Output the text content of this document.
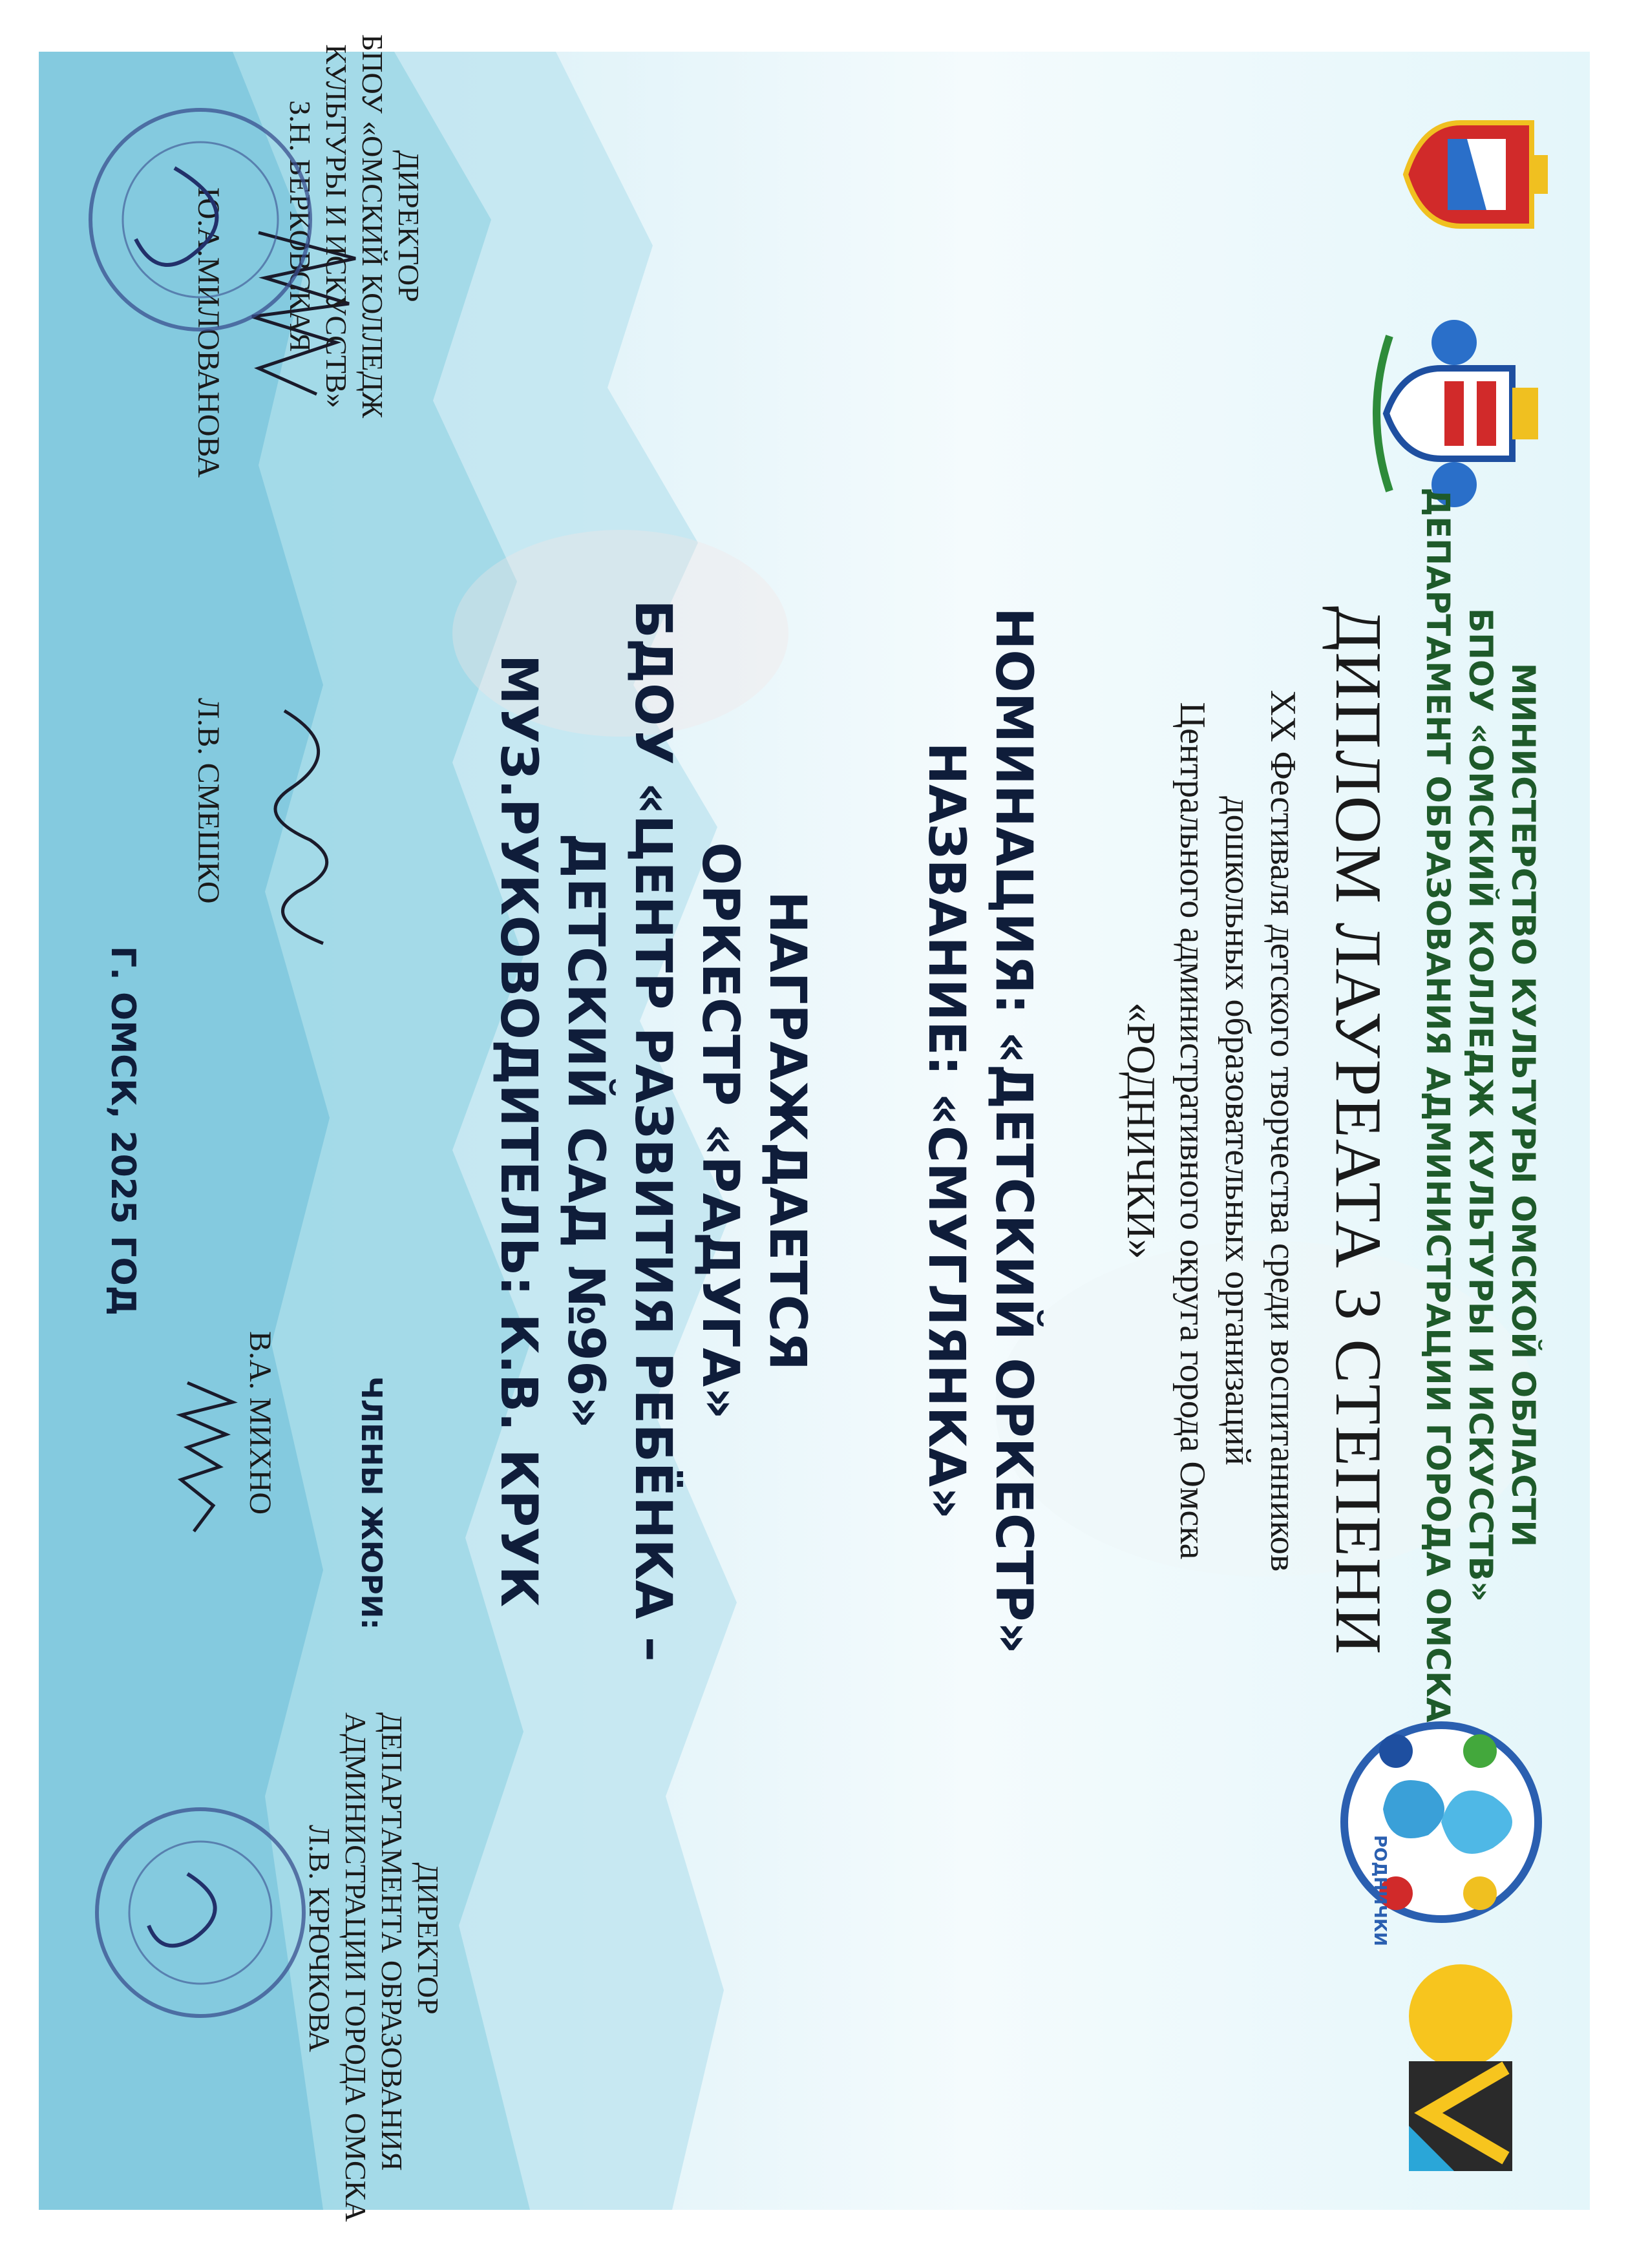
МИНИСТЕРСТВО КУЛЬТУРЫ ОМСКОЙ ОБЛАСТИ
БПОУ «ОМСКИЙ КОЛЛЕДЖ КУЛЬТУРЫ И ИСКУССТВ»
ДЕПАРТАМЕНТ ОБРАЗОВАНИЯ АДМИНИСТРАЦИИ ГОРОДА ОМСКА
РОДНИЧКИ
ДИПЛОМ ЛАУРЕАТА 3 СТЕПЕНИ
XX Фестиваля детского творчества среди воспитанников
дошкольных образовательных организаций
Центрального административного округа города Омска
«РОДНИЧКИ»
НОМИНАЦИЯ: «ДЕТСКИЙ ОРКЕСТР»
НАЗВАНИЕ: «СМУГЛЯНКА»
НАГРАЖДАЕТСЯ
ОРКЕСТР «РАДУГА»
БДОУ «ЦЕНТР РАЗВИТИЯ РЕБЁНКА –
ДЕТСКИЙ САД №96»
МУЗ.РУКОВОДИТЕЛЬ: К.В. КРУК
ДИРЕКТОР
ДЕПАРТАМЕНТА ОБРАЗОВАНИЯ
АДМИНИСТРАЦИИ ГОРОДА ОМСКА
Л.В. КРЮЧКОВА
ЧЛЕНЫ ЖЮРИ:
В.А. МИХНО
Л.В. СМЕШКО
Ю.А.МИЛОВАНОВА	ДИРЕКТОР
БПОУ «ОМСКИЙ КОЛЛЕДЖ
КУЛЬТУРЫ И ИСКУССТВ»
З.Н. БЕРКОВСКАЯ
Г. ОМСК, 2025 ГОД
